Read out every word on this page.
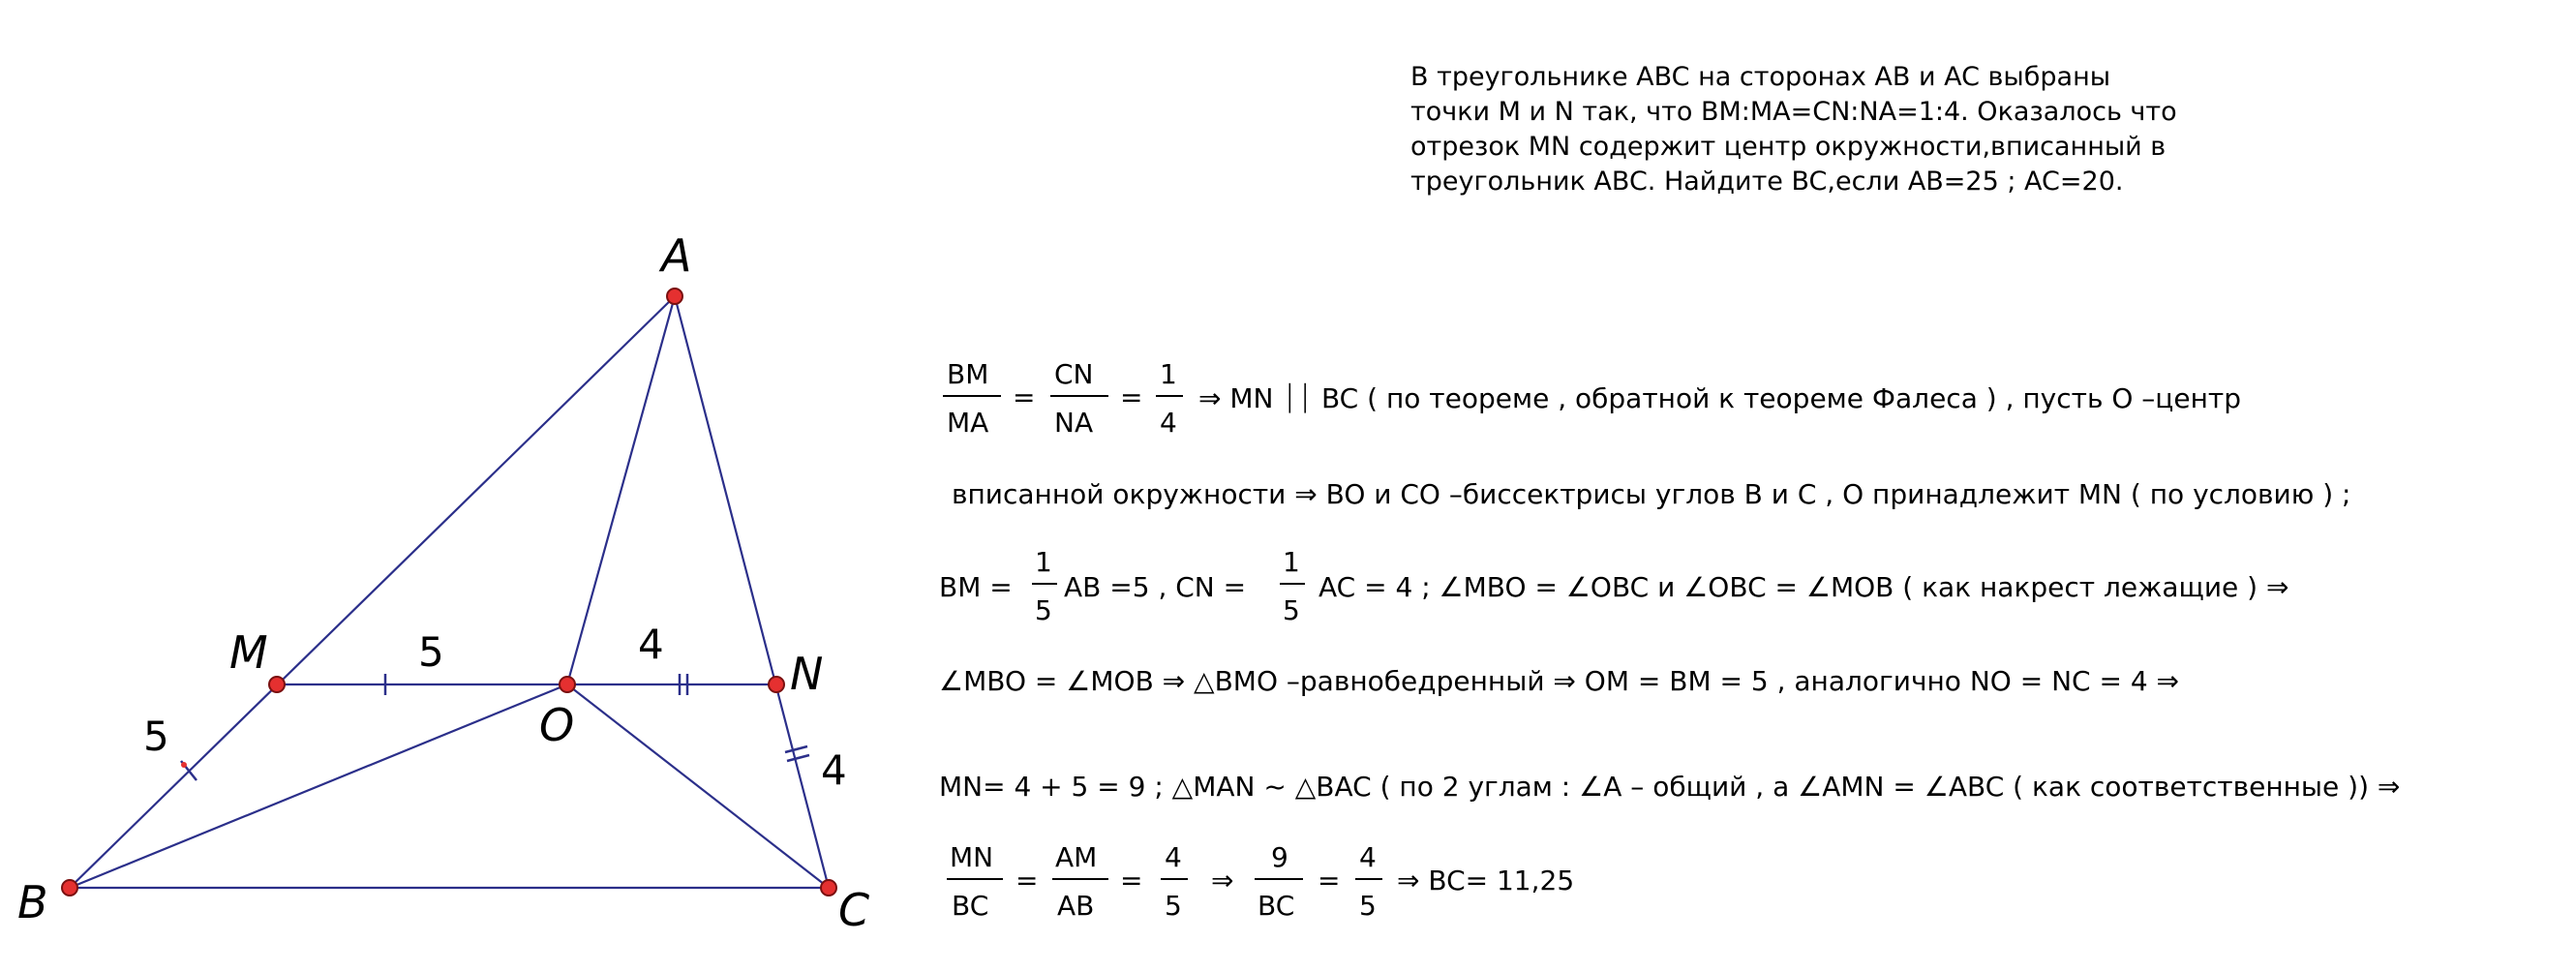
В треугольнике ABC на сторонах AB и AC выбраны
точки M и N так, что BM:MA=CN:NA=1:4. Оказалось что
отрезок MN содержит центр окружности,вписанный в
треугольник ABC. Найдите BC,если AB=25 ; AC=20.
A
B	C
M	N
O
5	4
5
4
BM
MA
=
CN
NA
=
1
4
⇒ MN ⏐⏐ BC ( по теореме , обратной к теореме Фалеса ) , пусть O –центр
вписанной окружности ⇒ BO и CO –биссектрисы углов B и C , O принадлежит MN ( по условию ) ;
BM =
1
5
AB =5 , CN =
1
5
AC = 4 ; ∠MBO = ∠OBC и ∠OBC = ∠MOB ( как накрест лежащие ) ⇒
∠MBO = ∠MOB ⇒ △BMO –равнобедренный ⇒ OM = BM = 5 , аналогично NO = NC = 4 ⇒
MN= 4 + 5 = 9 ; △MAN ~ △BAC ( по 2 углам : ∠A – общий , а ∠AMN = ∠ABC ( как соответственные )) ⇒
MN
BC
=
AM
AB
=
4
5
⇒
9
BC
=
4
5
⇒ BC= 11,25
